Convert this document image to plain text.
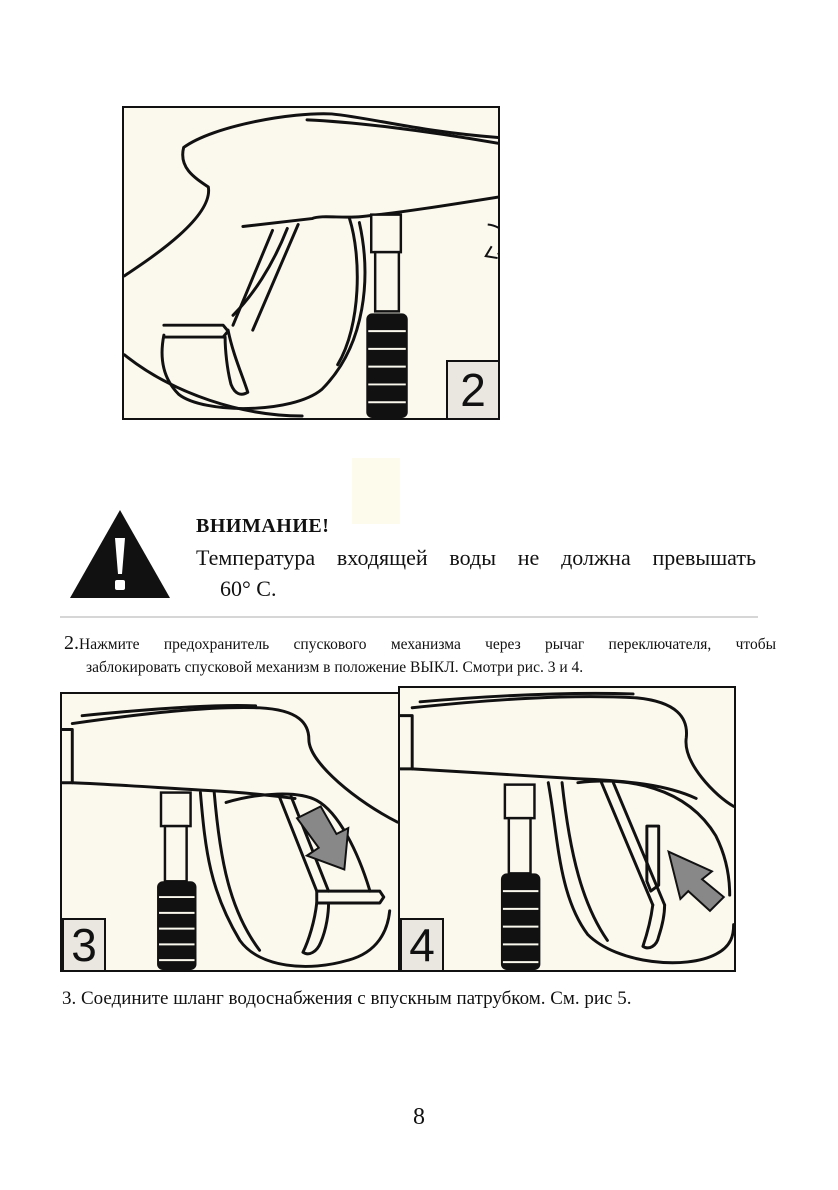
2
ВНИМАНИЕ!
Температура входящей воды не должна превышать
60° С.
2.Нажмите предохранитель спускового механизма через рычаг переключателя, чтобы
заблокировать спусковой механизм в положение ВЫКЛ. Смотри рис. 3 и 4.
3	4
3. Соедините шланг водоснабжения с впускным патрубком. См. рис 5.
8
